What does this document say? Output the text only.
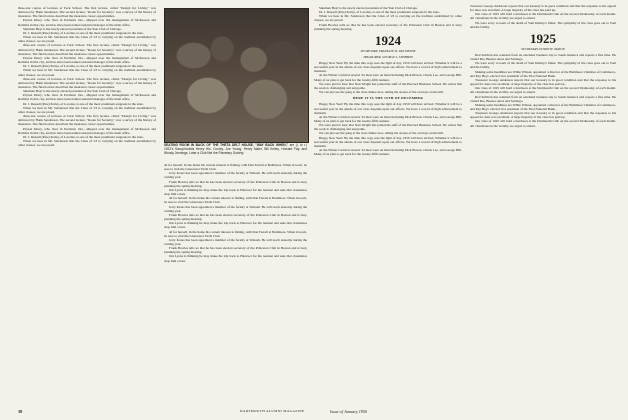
three-star course of lectures at Tuck School. The first lecture, called "Design for Living," was delivered by Hank Sanderson. The second lecture, "Route for Security," was a survey of the history of insurance. The final lecture described the insurance career opportunities.

Peyton Drury, who lives in Portland, Ore., shipped over the management of McKesson and Robbins in that city, and has since been named assistant manager of the main office.

Sherman Hoyt is the newly elected president of the Yale Club of Chicago.

Dr. J. Russell (Pete) Perley, of Laconia, is one of the most prominent surgeons in the state.

When we hear in Mr. Sanderson that the Class of '23 is carrying on the tradition established by other classes, we are proud.

three-star course of lectures at Tuck School. The first lecture, called "Design for Living," was delivered by Hank Sanderson. The second lecture, "Route for Security," was a survey of the history of insurance. The final lecture described the insurance career opportunities.

Peyton Drury, who lives in Portland, Ore., shipped over the management of McKesson and Robbins in that city, and has since been named assistant manager of the main office.

Dr. J. Russell (Pete) Perley, of Laconia, is one of the most prominent surgeons in the state.

When we hear in Mr. Sanderson that the Class of '23 is carrying on the tradition established by other classes, we are proud.

three-star course of lectures at Tuck School. The first lecture, called "Design for Living," was delivered by Hank Sanderson. The second lecture, "Route for Security," was a survey of the history of insurance. The final lecture described the insurance career opportunities.

Sherman Hoyt is the newly elected president of the Yale Club of Chicago.

Peyton Drury, who lives in Portland, Ore., shipped over the management of McKesson and Robbins in that city, and has since been named assistant manager of the main office.

Dr. J. Russell (Pete) Perley, of Laconia, is one of the most prominent surgeons in the state.

When we hear in Mr. Sanderson that the Class of '23 is carrying on the tradition established by other classes, we are proud.

three-star course of lectures at Tuck School. The first lecture, called "Design for Living," was delivered by Hank Sanderson. The second lecture, "Route for Security," was a survey of the history of insurance. The final lecture described the insurance career opportunities.

Peyton Drury, who lives in Portland, Ore., shipped over the management of McKesson and Robbins in that city, and has since been named assistant manager of the main office.

Dr. J. Russell (Pete) Perley, of Laconia, is one of the most prominent surgeons in the state.

When we hear in Mr. Sanderson that the Class of '23 is carrying on the tradition established by other classes, we are proud.	SEATING ROOM IN BACK OF THE THETA DELT HOUSE, "WAY BACK WHEN," are (l. to r.) 1922's Saxophonists Henry Hix, Cooley, Joe Young, Henry Maier, Bill Kelley, Howard Fay, and Woody Jennings. Later a Club like the Planetary Society.

all for herself. In the home his current interest is fishing, with Dan Farrell at Baltimore. When in town, be sure to visit the Gloucester Yacht Club.

Jerry Kraus has been appointed a member of the faculty at Wabash. He will teach anatomy during the coming year.

Frank Bowles tells us that he has been elected secretary of the Princeton Club in Boston and is busy planning the spring meeting.

Jim Lyons is thinking he may make the trip back to Hanover for the reunion and asks that classmates drop him a note.

all for herself. In the home his current interest is fishing, with Dan Farrell at Baltimore. When in town, be sure to visit the Gloucester Yacht Club.

Jerry Kraus has been appointed a member of the faculty at Wabash. He will teach anatomy during the coming year.

Frank Bowles tells us that he has been elected secretary of the Princeton Club in Boston and is busy planning the spring meeting.

Jim Lyons is thinking he may make the trip back to Hanover for the reunion and asks that classmates drop him a note.

all for herself. In the home his current interest is fishing, with Dan Farrell at Baltimore. When in town, be sure to visit the Gloucester Yacht Club.

Jerry Kraus has been appointed a member of the faculty at Wabash. He will teach anatomy during the coming year.

Frank Bowles tells us that he has been elected secretary of the Princeton Club in Boston and is busy planning the spring meeting.

Jim Lyons is thinking he may make the trip back to Hanover for the reunion and asks that classmates drop him a note.

Sherman Hoyt is the newly elected president of the Yale Club of Chicago.

Dr. J. Russell (Pete) Perley, of Laconia, is one of the most prominent surgeons in the state.

When we hear in Mr. Sanderson that the Class of '23 is carrying on the tradition established by other classes, we are proud.

Frank Bowles tells us that he has been elected secretary of the Princeton Club in Boston and is busy planning the spring meeting.

1924
SECRETARY, FRANKLIN W. VAN METER
TREASURER, GEORGE L. STEBBINS

Happy New Year! By the time this copy sees the light of day, 1950 will have arrived. Whether it will be a successful year in the annals of our class depends upon our efforts. We have a record of high achievement to maintain.

At the Winter Carnival several '24 men were on hand including Dick Brown, Chuck Lee, and George Hill. Many of us plan to get back for the twenty-fifth reunion.

We were glad to hear that Stan Wright has joined the staff of the Harvard Business School. He writes that the work is challenging and enjoyable.

We can just see the gang at the class dinner now, telling the stories of the old days on the hill.

HERE IT IS THE 15TH OF DECEMBER

Happy New Year! By the time this copy sees the light of day, 1950 will have arrived. Whether it will be a successful year in the annals of our class depends upon our efforts. We have a record of high achievement to maintain.

At the Winter Carnival several '24 men were on hand including Dick Brown, Chuck Lee, and George Hill. Many of us plan to get back for the twenty-fifth reunion.

We were glad to hear that Stan Wright has joined the staff of the Harvard Business School. He writes that the work is challenging and enjoyable.

We can just see the gang at the class dinner now, telling the stories of the old days on the hill.

Happy New Year! By the time this copy sees the light of day, 1950 will have arrived. Whether it will be a successful year in the annals of our class depends upon our efforts. We have a record of high achievement to maintain.

At the Winter Carnival several '24 men were on hand including Dick Brown, Chuck Lee, and George Hill. Many of us plan to get back for the twenty-fifth reunion.

Treasurer George Anderson reports that our treasury is in good condition and that the response to his appeal for dues was excellent. A large majority of the class has paid up.

Our class of 1925 will hold a luncheon at the Dartmouth Club on the second Wednesday of each month. All classmates in the vicinity are urged to attend.

We were sorry to learn of the death of Tom Kinney's father. The sympathy of the class goes out to Tom and his family.

1925
SECRETARY, EDWIN H. MASON

Red Sullivan has returned from an extended business trip to South America and reports a fine time. He visited Rio, Buenos Aires and Santiago.

We were sorry to learn of the death of Tom Kinney's father. The sympathy of the class goes out to Tom and his family.

Making some headlines are Willie Wilson, appointed a director of the Baltimore Chamber of Commerce, and Ray Hoyt, elected vice president of the First National Bank.

Treasurer George Anderson reports that our treasury is in good condition and that the response to his appeal for dues was excellent. A large majority of the class has paid up.

Our class of 1925 will hold a luncheon at the Dartmouth Club on the second Wednesday of each month. All classmates in the vicinity are urged to attend.

Red Sullivan has returned from an extended business trip to South America and reports a fine time. He visited Rio, Buenos Aires and Santiago.

Making some headlines are Willie Wilson, appointed a director of the Baltimore Chamber of Commerce, and Ray Hoyt, elected vice president of the First National Bank.

Treasurer George Anderson reports that our treasury is in good condition and that the response to his appeal for dues was excellent. A large majority of the class has paid up.

Our class of 1925 will hold a luncheon at the Dartmouth Club on the second Wednesday of each month. All classmates in the vicinity are urged to attend.

38	DARTMOUTH ALUMNI MAGAZINE	Issue of January 1950
